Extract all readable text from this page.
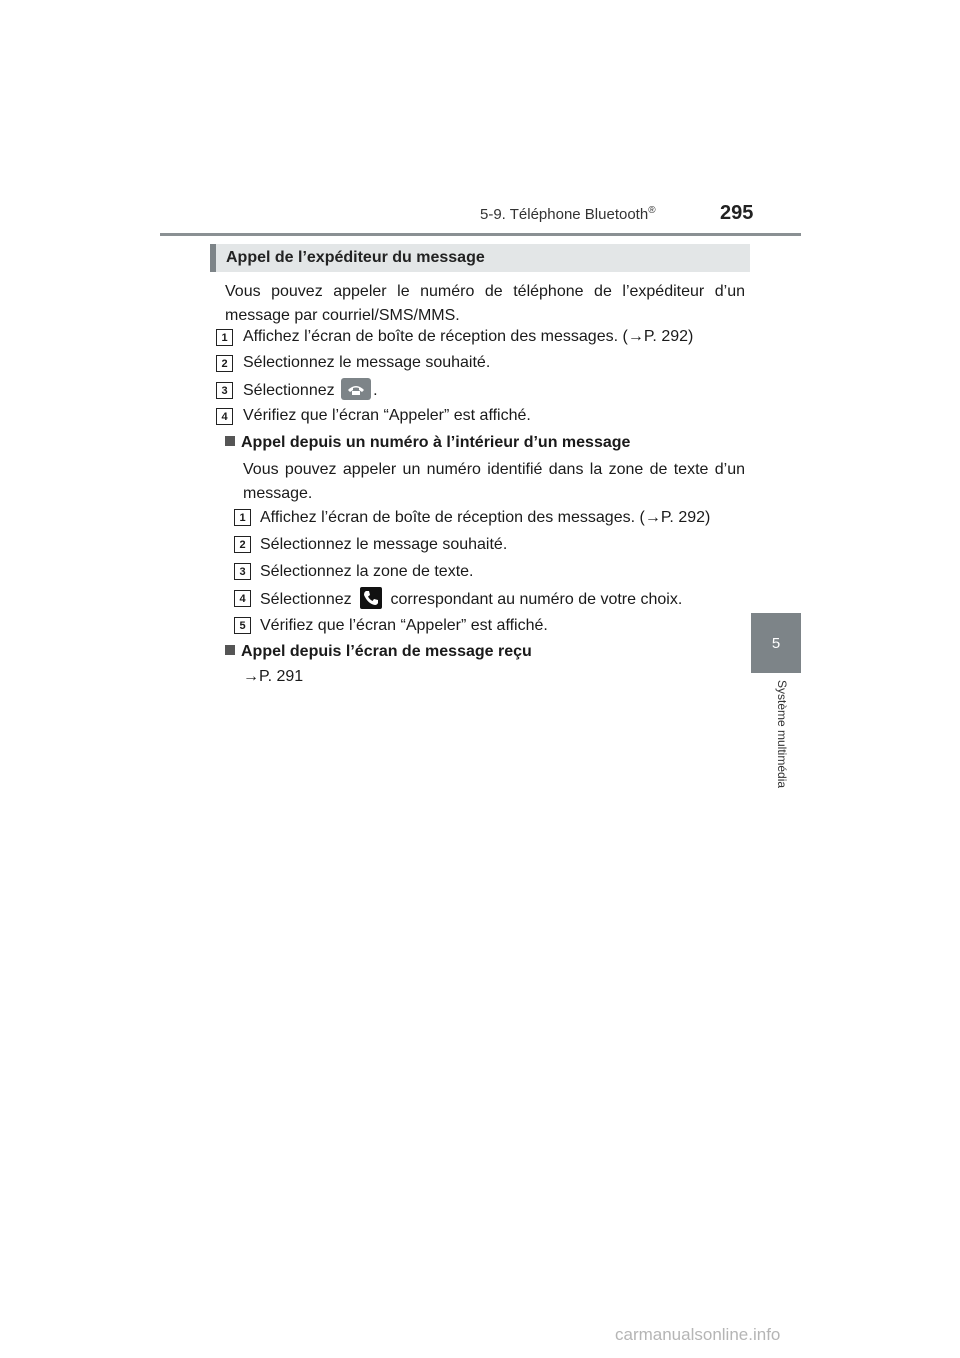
5-9. Téléphone Bluetooth®	295
5
Système multimédia
Appel de l’expéditeur du message
Vous pouvez appeler le numéro de téléphone de l’expéditeur d’un message par courriel/SMS/MMS.
1 Affichez l’écran de boîte de réception des messages. (→P. 292)
2 Sélectionnez le message souhaité.
3 Sélectionnez .
4 Vérifiez que l’écran “Appeler” est affiché.
Appel depuis un numéro à l’intérieur d’un message
Vous pouvez appeler un numéro identifié dans la zone de texte d’un message.
1 Affichez l’écran de boîte de réception des messages. (→P. 292)
2 Sélectionnez le message souhaité.
3 Sélectionnez la zone de texte.
4 Sélectionnez correspondant au numéro de votre choix.
5 Vérifiez que l’écran “Appeler” est affiché.
Appel depuis l’écran de message reçu
→P. 291
carmanualsonline.info
